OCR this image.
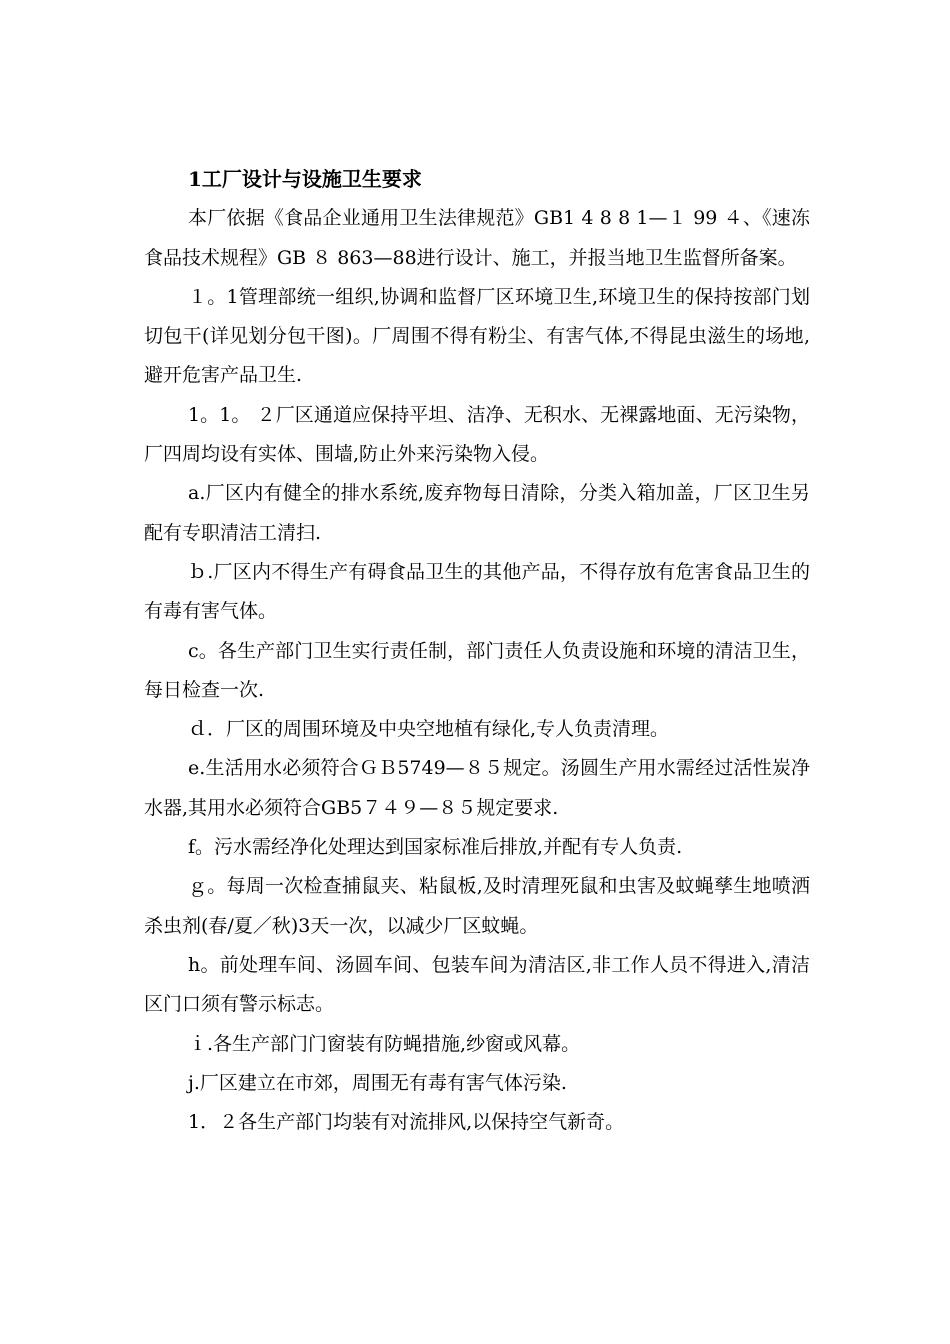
1工厂设计与设施卫生要求

本厂依据《食品企业通用卫生法律规范》GB1 4 8 8 1—１ 99 ４、《速冻食品技术规程》GB ８ 863—88进行设计、施工，并报当地卫生监督所备案。

１。1管理部统一组织,协调和监督厂区环境卫生,环境卫生的保持按部门划切包干(详见划分包干图)。厂周围不得有粉尘、有害气体,不得昆虫滋生的场地,避开危害产品卫生.

1。1。 ２厂区通道应保持平坦、洁净、无积水、无裸露地面、无污染物，厂四周均设有实体、围墙,防止外来污染物入侵。

a.厂区内有健全的排水系统,废弃物每日清除，分类入箱加盖，厂区卫生另配有专职清洁工清扫.

ｂ.厂区内不得生产有碍食品卫生的其他产品，不得存放有危害食品卫生的有毒有害气体。

c。各生产部门卫生实行责任制，部门责任人负责设施和环境的清洁卫生，每日检查一次.

ｄ．厂区的周围环境及中央空地植有绿化,专人负责清理。

e.生活用水必须符合ＧＢ5749—８５规定。汤圆生产用水需经过活性炭净水器,其用水必须符合GB5７４９—８５规定要求.

f。污水需经净化处理达到国家标准后排放,并配有专人负责.

ｇ。每周一次检查捕鼠夹、粘鼠板,及时清理死鼠和虫害及蚊蝇孳生地喷洒杀虫剂(春/夏／秋)3天一次，以减少厂区蚊蝇。

h。前处理车间、汤圆车间、包装车间为清洁区,非工作人员不得进入,清洁区门口须有警示标志。

ｉ.各生产部门门窗装有防蝇措施,纱窗或风幕。

j.厂区建立在市郊，周围无有毒有害气体污染.

1．２各生产部门均装有对流排风,以保持空气新奇。
